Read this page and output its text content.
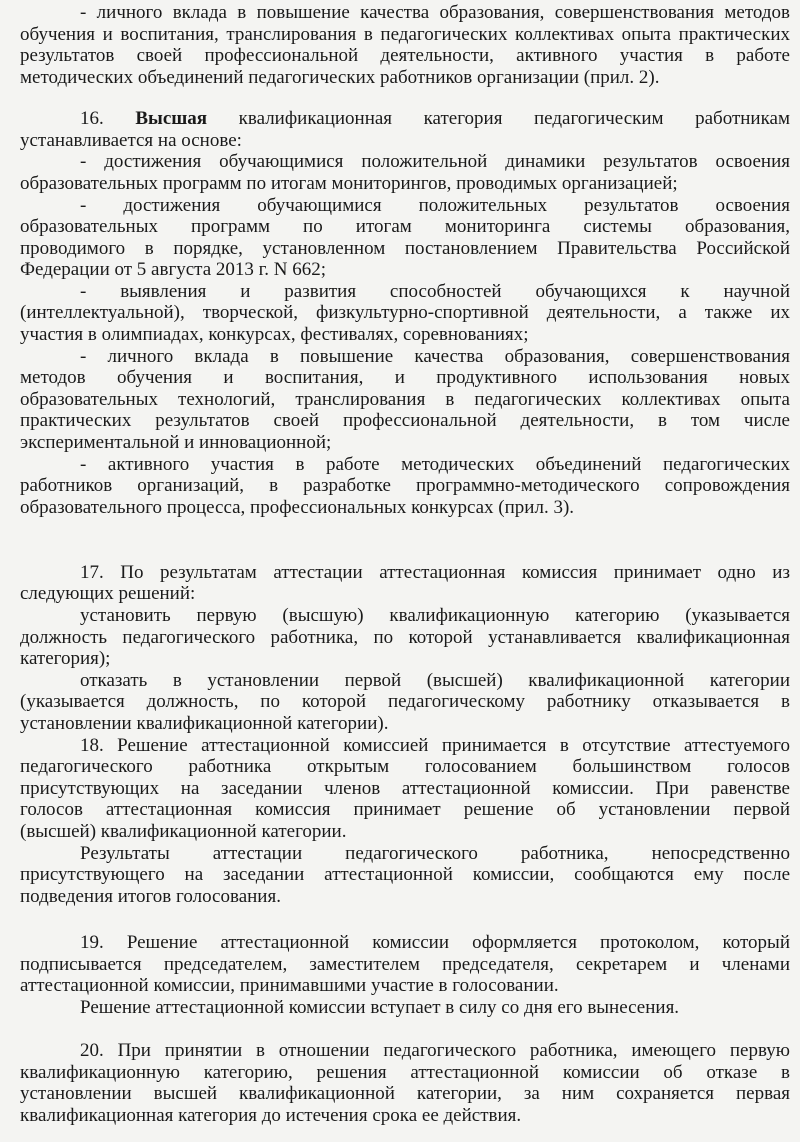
- личного вклада в повышение качества образования, совершенствования методов
обучения и воспитания, транслирования в педагогических коллективах опыта практических
результатов своей профессиональной деятельности, активного участия в работе
методических объединений педагогических работников организации (прил. 2).
16. Высшая квалификационная категория педагогическим работникам
устанавливается на основе:
- достижения обучающимися положительной динамики результатов освоения
образовательных программ по итогам мониторингов, проводимых организацией;
- достижения обучающимися положительных результатов освоения
образовательных программ по итогам мониторинга системы образования,
проводимого в порядке, установленном постановлением Правительства Российской
Федерации от 5 августа 2013 г. N 662;
- выявления и развития способностей обучающихся к научной
(интеллектуальной), творческой, физкультурно-спортивной деятельности, а также их
участия в олимпиадах, конкурсах, фестивалях, соревнованиях;
- личного вклада в повышение качества образования, совершенствования
методов обучения и воспитания, и продуктивного использования новых
образовательных технологий, транслирования в педагогических коллективах опыта
практических результатов своей профессиональной деятельности, в том числе
экспериментальной и инновационной;
- активного участия в работе методических объединений педагогических
работников организаций, в разработке программно-методического сопровождения
образовательного процесса, профессиональных конкурсах (прил. 3).
17. По результатам аттестации аттестационная комиссия принимает одно из
следующих решений:
установить первую (высшую) квалификационную категорию (указывается
должность педагогического работника, по которой устанавливается квалификационная
категория);
отказать в установлении первой (высшей) квалификационной категории
(указывается должность, по которой педагогическому работнику отказывается в
установлении квалификационной категории).
18. Решение аттестационной комиссией принимается в отсутствие аттестуемого
педагогического работника открытым голосованием большинством голосов
присутствующих на заседании членов аттестационной комиссии. При равенстве
голосов аттестационная комиссия принимает решение об установлении первой
(высшей) квалификационной категории.
Результаты аттестации педагогического работника, непосредственно
присутствующего на заседании аттестационной комиссии, сообщаются ему после
подведения итогов голосования.
19. Решение аттестационной комиссии оформляется протоколом, который
подписывается председателем, заместителем председателя, секретарем и членами
аттестационной комиссии, принимавшими участие в голосовании.
Решение аттестационной комиссии вступает в силу со дня его вынесения.
20. При принятии в отношении педагогического работника, имеющего первую
квалификационную категорию, решения аттестационной комиссии об отказе в
установлении высшей квалификационной категории, за ним сохраняется первая
квалификационная категория до истечения срока ее действия.
